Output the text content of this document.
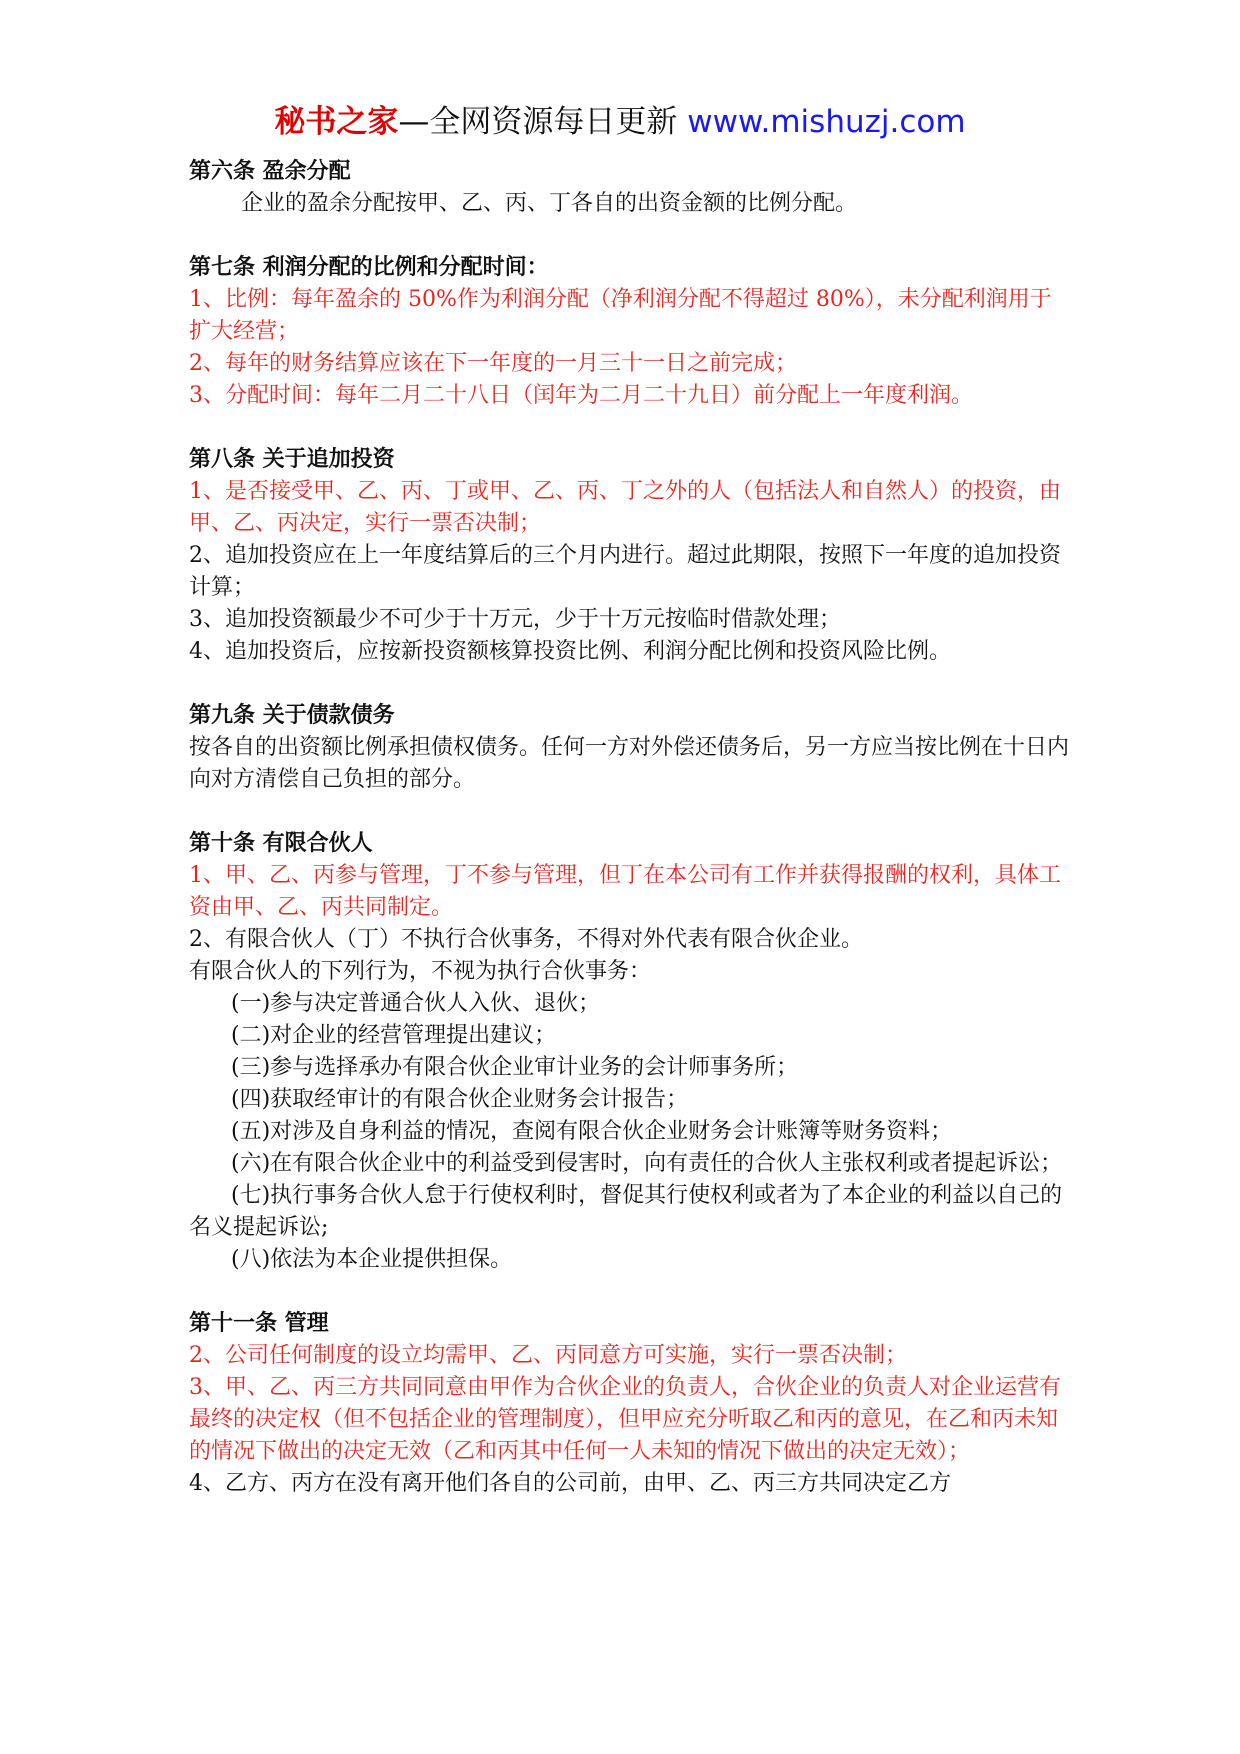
秘书之家—全网资源每日更新 www.mishuzj.com
第六条 盈余分配

企业的盈余分配按甲、乙、丙、丁各自的出资金额的比例分配。

第七条 利润分配的比例和分配时间：

1、比例：每年盈余的 50%作为利润分配（净利润分配不得超过 80%），未分配利润用于扩大经营；

2、每年的财务结算应该在下一年度的一月三十一日之前完成；

3、分配时间：每年二月二十八日（闰年为二月二十九日）前分配上一年度利润。

第八条 关于追加投资

1、是否接受甲、乙、丙、丁或甲、乙、丙、丁之外的人（包括法人和自然人）的投资，由甲、乙、丙决定，实行一票否决制；

2、追加投资应在上一年度结算后的三个月内进行。超过此期限，按照下一年度的追加投资计算；

3、追加投资额最少不可少于十万元，少于十万元按临时借款处理；

4、追加投资后，应按新投资额核算投资比例、利润分配比例和投资风险比例。

第九条 关于债款债务

按各自的出资额比例承担债权债务。任何一方对外偿还债务后，另一方应当按比例在十日内向对方清偿自己负担的部分。

第十条 有限合伙人

1、甲、乙、丙参与管理，丁不参与管理，但丁在本公司有工作并获得报酬的权利，具体工资由甲、乙、丙共同制定。

2、有限合伙人（丁）不执行合伙事务，不得对外代表有限合伙企业。

有限合伙人的下列行为，不视为执行合伙事务：

(一)参与决定普通合伙人入伙、退伙；

(二)对企业的经营管理提出建议；

(三)参与选择承办有限合伙企业审计业务的会计师事务所；

(四)获取经审计的有限合伙企业财务会计报告；

(五)对涉及自身利益的情况，查阅有限合伙企业财务会计账簿等财务资料；

(六)在有限合伙企业中的利益受到侵害时，向有责任的合伙人主张权利或者提起诉讼；

(七)执行事务合伙人怠于行使权利时，督促其行使权利或者为了本企业的利益以自己的名义提起诉讼;

(八)依法为本企业提供担保。

第十一条 管理

2、公司任何制度的设立均需甲、乙、丙同意方可实施，实行一票否决制；

3、甲、乙、丙三方共同同意由甲作为合伙企业的负责人，合伙企业的负责人对企业运营有最终的决定权（但不包括企业的管理制度），但甲应充分听取乙和丙的意见，在乙和丙未知的情况下做出的决定无效（乙和丙其中任何一人未知的情况下做出的决定无效）；

4、乙方、丙方在没有离开他们各自的公司前，由甲、乙、丙三方共同决定乙方
